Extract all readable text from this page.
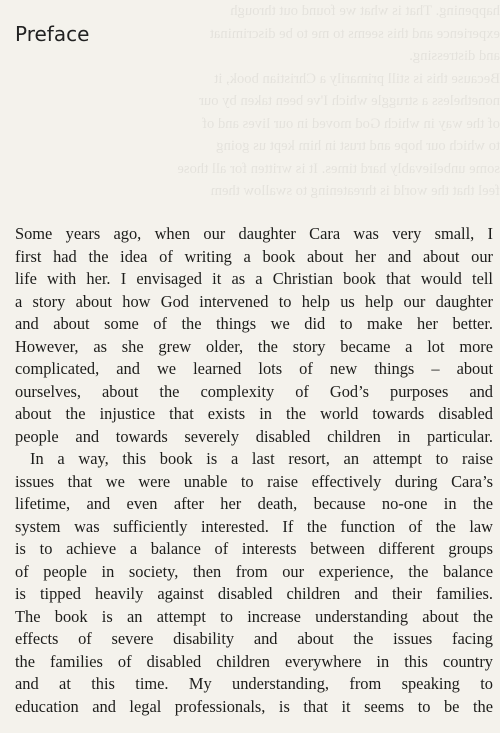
happening. That is what we found out through

experience and this seems to me to be discriminat

and distressing.

Because this is still primarily a Christian book, it

nonetheless a struggle which I've been taken by our

of the way in which God moved in our lives and of

to which our hope and trust in him kept us going

some unbelievably hard times. It is written for all those

feel that the world is threatening to swallow them

Preface
Some years ago, when our daughter Cara was very small, I
first had the idea of writing a book about her and about our
life with her. I envisaged it as a Christian book that would tell
a story about how God intervened to help us help our daughter
and about some of the things we did to make her better.
However, as she grew older, the story became a lot more
complicated, and we learned lots of new things – about
ourselves, about the complexity of God’s purposes and
about the injustice that exists in the world towards disabled
people and towards severely disabled children in particular.
In a way, this book is a last resort, an attempt to raise
issues that we were unable to raise effectively during Cara’s
lifetime, and even after her death, because no-one in the
system was sufficiently interested. If the function of the law
is to achieve a balance of interests between different groups
of people in society, then from our experience, the balance
is tipped heavily against disabled children and their families.
The book is an attempt to increase understanding about the
effects of severe disability and about the issues facing
the families of disabled children everywhere in this country
and at this time. My understanding, from speaking to
education and legal professionals, is that it seems to be the
